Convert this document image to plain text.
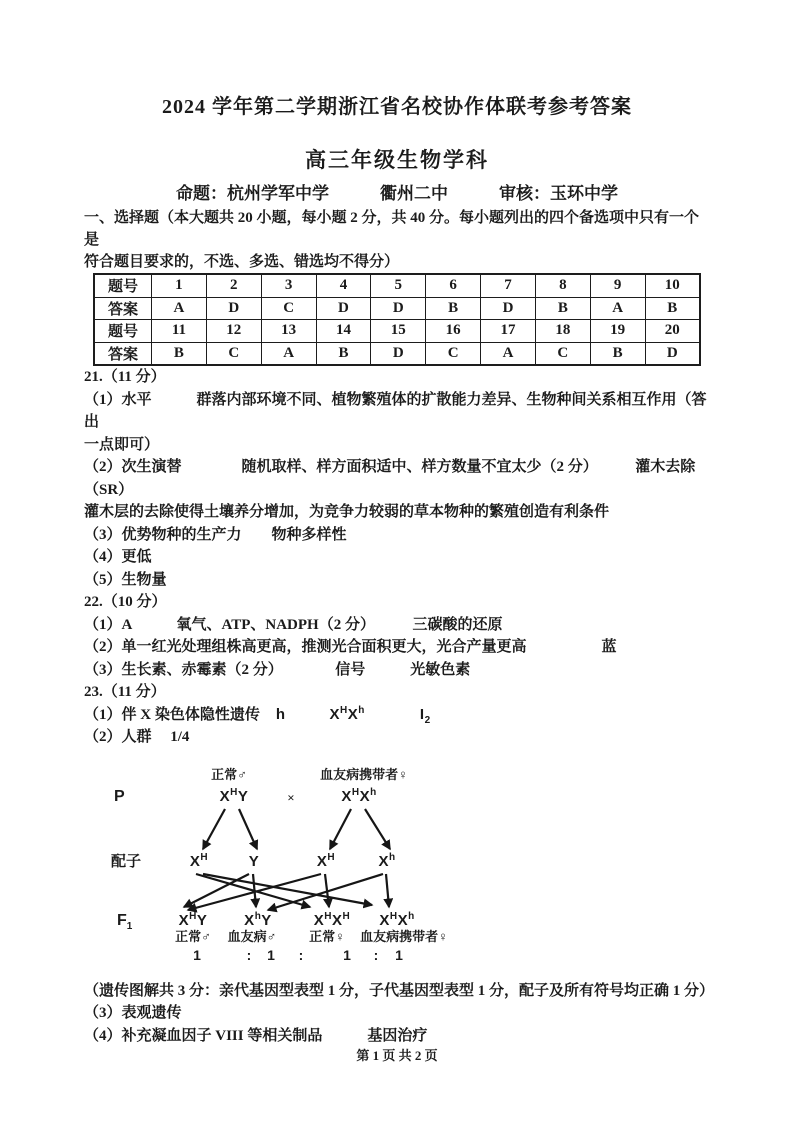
2024 学年第二学期浙江省名校协作体联考参考答案
高三年级生物学科
命题：杭州学军中学　　　衢州二中　　　审核：玉环中学

一、选择题（本大题共 20 小题，每小题 2 分，共 40 分。每小题列出的四个备选项中只有一个是

符合题目要求的，不选、多选、错选均不得分）

题号	1	2	3	4	5	6	7	8	9	10
答案	A	D	C	D	D	B	D	B	A	B
题号	11	12	13	14	15	16	17	18	19	20
答案	B	C	A	B	D	C	A	C	B	D

21.（11 分）

（1）水平　　　群落内部环境不同、植物繁殖体的扩散能力差异、生物种间关系相互作用（答出

一点即可）

（2）次生演替　　　　随机取样、样方面积适中、样方数量不宜太少（2 分）　　　灌木去除（SR）

灌木层的去除使得土壤养分增加，为竞争力较弱的草本物种的繁殖创造有利条件

（3）优势物种的生产力　　物种多样性

（4）更低

（5）生物量

22.（10 分）

（1）A　　　氧气、ATP、NADPH（2 分）　　　三碳酸的还原

（2）单一红光处理组株高更高，推测光合面积更大，光合产量更高　　　　　蓝

（3）生长素、赤霉素（2 分）　　　　信号　　　光敏色素

23.（11 分）

（1）伴 X 染色体隐性遗传 h	$X^HX^h$	$I_2$

（2）人群　 1/4

正常♂	血友病携带者♀
P	$X^HY$	×	$X^HX^h$
配子	$X^H$	Y	$X^H$	$X^h$
$F_1$	$X^HY$ $X^hY$	$X^HX^H$ $X^HX^h$
正常♂ 血友病♂	正常♀ 血友病携带者♀
1	: 1 :	1 : 1

（遗传图解共 3 分：亲代基因型表型 1 分，子代基因型表型 1 分，配子及所有符号均正确 1 分）

（3）表观遗传

（4）补充凝血因子 VIII 等相关制品　　　基因治疗

第 1 页 共 2 页
